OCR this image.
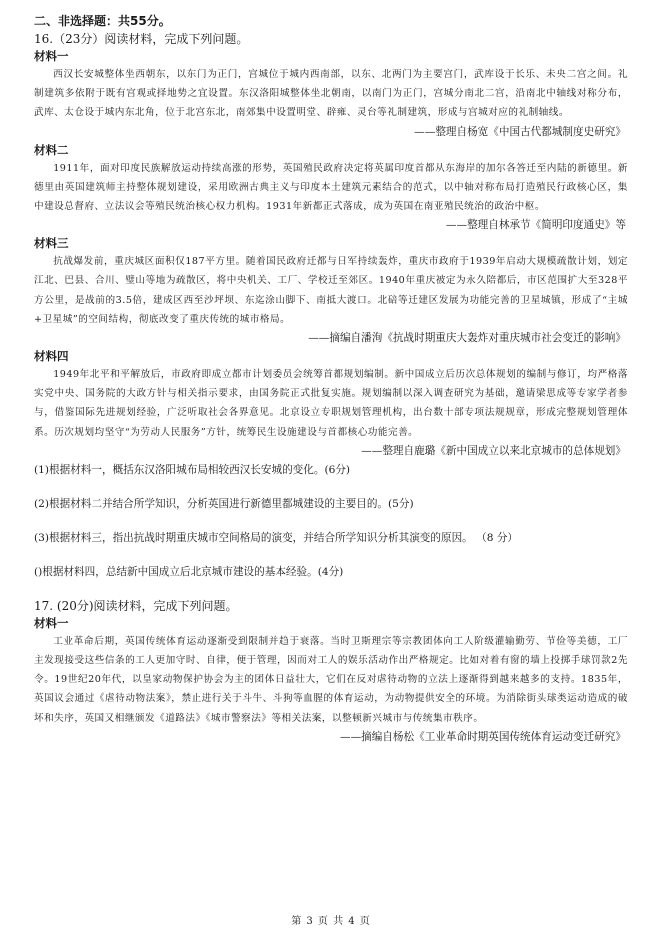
二、非选择题：共55分。

16.（23分）阅读材料，完成下列问题。

材料一

西汉长安城整体坐西朝东，以东门为正门，宫城位于城内西南部，以东、北两门为主要宫门，武库设于长乐、未央二宫之间。礼制建筑多依附于既有宫观或择地势之宜设置。东汉洛阳城整体坐北朝南，以南门为正门，宫城分南北二宫，沿南北中轴线对称分布，武库、太仓设于城内东北角，位于北宫东北，南郊集中设置明堂、辟雍、灵台等礼制建筑，形成与宫城对应的礼制轴线。

——整理自杨宽《中国古代都城制度史研究》

材料二

1911年，面对印度民族解放运动持续高涨的形势，英国殖民政府决定将英属印度首都从东海岸的加尔各答迁至内陆的新德里。新德里由英国建筑师主持整体规划建设，采用欧洲古典主义与印度本土建筑元素结合的范式，以中轴对称布局打造殖民行政核心区，集中建设总督府、立法议会等殖民统治核心权力机构。1931年新都正式落成，成为英国在南亚殖民统治的政治中枢。

——整理自林承节《简明印度通史》等

材料三

抗战爆发前，重庆城区面积仅187平方里。随着国民政府迁都与日军持续轰炸，重庆市政府于1939年启动大规模疏散计划，划定江北、巴县、合川、璧山等地为疏散区，将中央机关、工厂、学校迁至郊区。1940年重庆被定为永久陪都后，市区范围扩大至328平方公里，是战前的3.5倍，建成区西至沙坪坝、东迄涂山脚下、南抵大渡口。北碚等迁建区发展为功能完善的卫星城镇，形成了“主城+卫星城”的空间结构，彻底改变了重庆传统的城市格局。

——摘编自潘洵《抗战时期重庆大轰炸对重庆城市社会变迁的影响》

材料四

1949年北平和平解放后，市政府即成立都市计划委员会统筹首都规划编制。新中国成立后历次总体规划的编制与修订，均严格落实党中央、国务院的大政方针与相关指示要求，由国务院正式批复实施。规划编制以深入调查研究为基础，邀请梁思成等专家学者参与，借鉴国际先进规划经验，广泛听取社会各界意见。北京设立专职规划管理机构，出台数十部专项法规规章，形成完整规划管理体系。历次规划均坚守“为劳动人民服务”方针，统筹民生设施建设与首都核心功能完善。

——整理自鹿璐《新中国成立以来北京城市的总体规划》

(1)根据材料一，概括东汉洛阳城布局相较西汉长安城的变化。(6分)

(2)根据材料二并结合所学知识，分析英国进行新德里都城建设的主要目的。(5分)

(3)根据材料三，指出抗战时期重庆城市空间格局的演变，并结合所学知识分析其演变的原因。 （8 分）

()根据材料四，总结新中国成立后北京城市建设的基本经验。(4分)

17. (20分)阅读材料，完成下列问题。

材料一

工业革命后期，英国传统体育运动逐渐受到限制并趋于衰落。当时卫斯理宗等宗教团体向工人阶级灌输勤劳、节俭等美德，工厂主发现接受这些信条的工人更加守时、自律，便于管理，因而对工人的娱乐活动作出严格规定。比如对着有窗的墙上投掷手球罚款2先令。19世纪20年代，以皇家动物保护协会为主的团体日益壮大，它们在反对虐待动物的立法上逐渐得到越来越多的支持。1835年，英国议会通过《虐待动物法案》，禁止进行关于斗牛、斗狗等血腥的体育运动，为动物提供安全的环境。为消除街头球类运动造成的破坏和失序，英国又相继颁发《道路法》《城市警察法》等相关法案，以整顿新兴城市与传统集市秩序。

——摘编自杨松《工业革命时期英国传统体育运动变迁研究》

第 3 页 共 4 页
